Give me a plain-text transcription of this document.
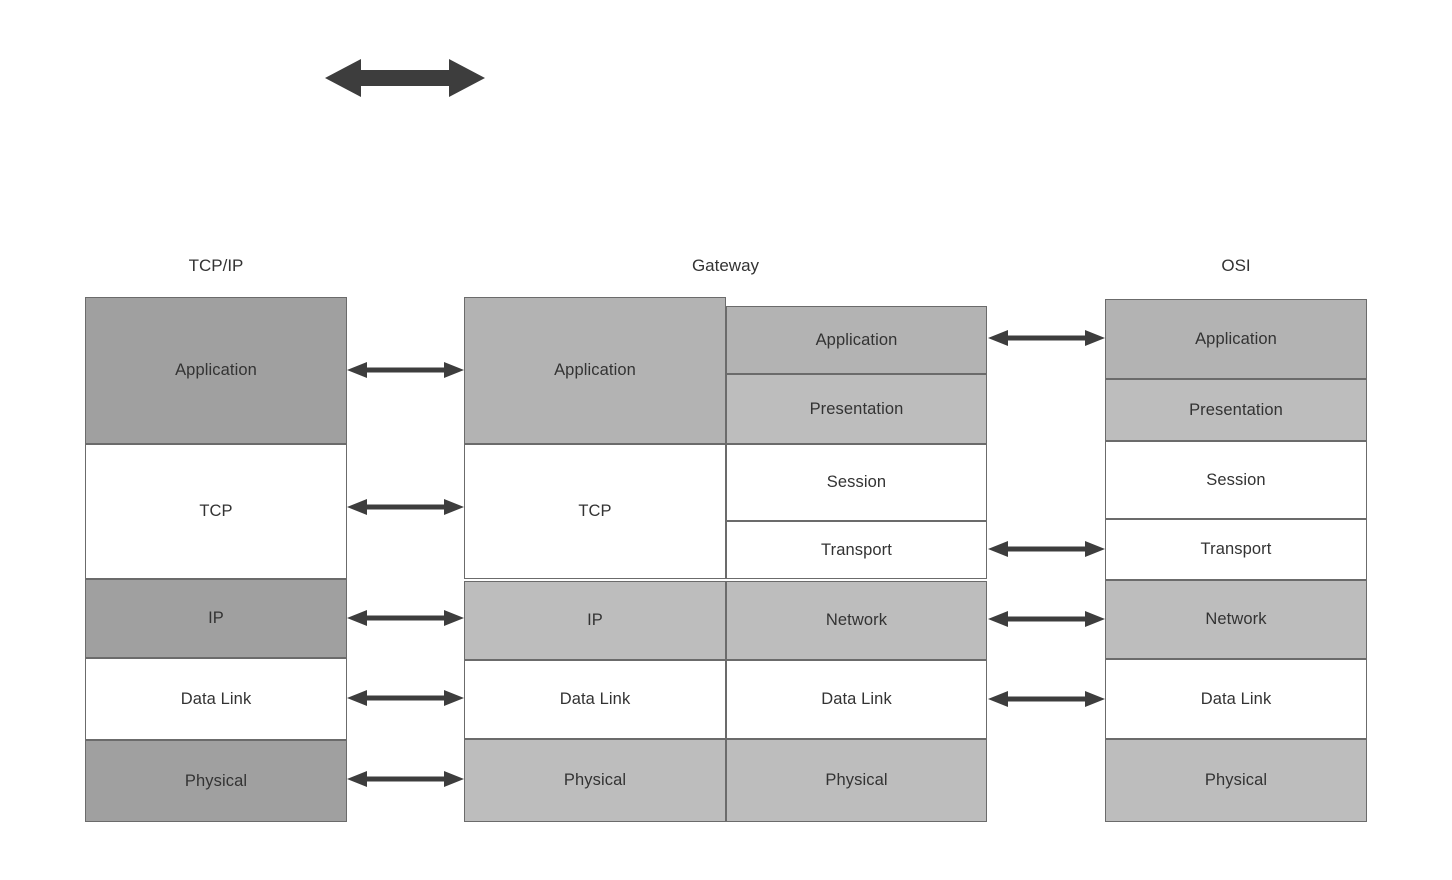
TCP/IP	Gateway	OSI
Application
TCP
IP
Data Link
Physical
Application
TCP
IP
Data Link
Physical
Application
Presentation
Session
Transport
Network
Data Link
Physical
Application
Presentation
Session
Transport
Network
Data Link
Physical
